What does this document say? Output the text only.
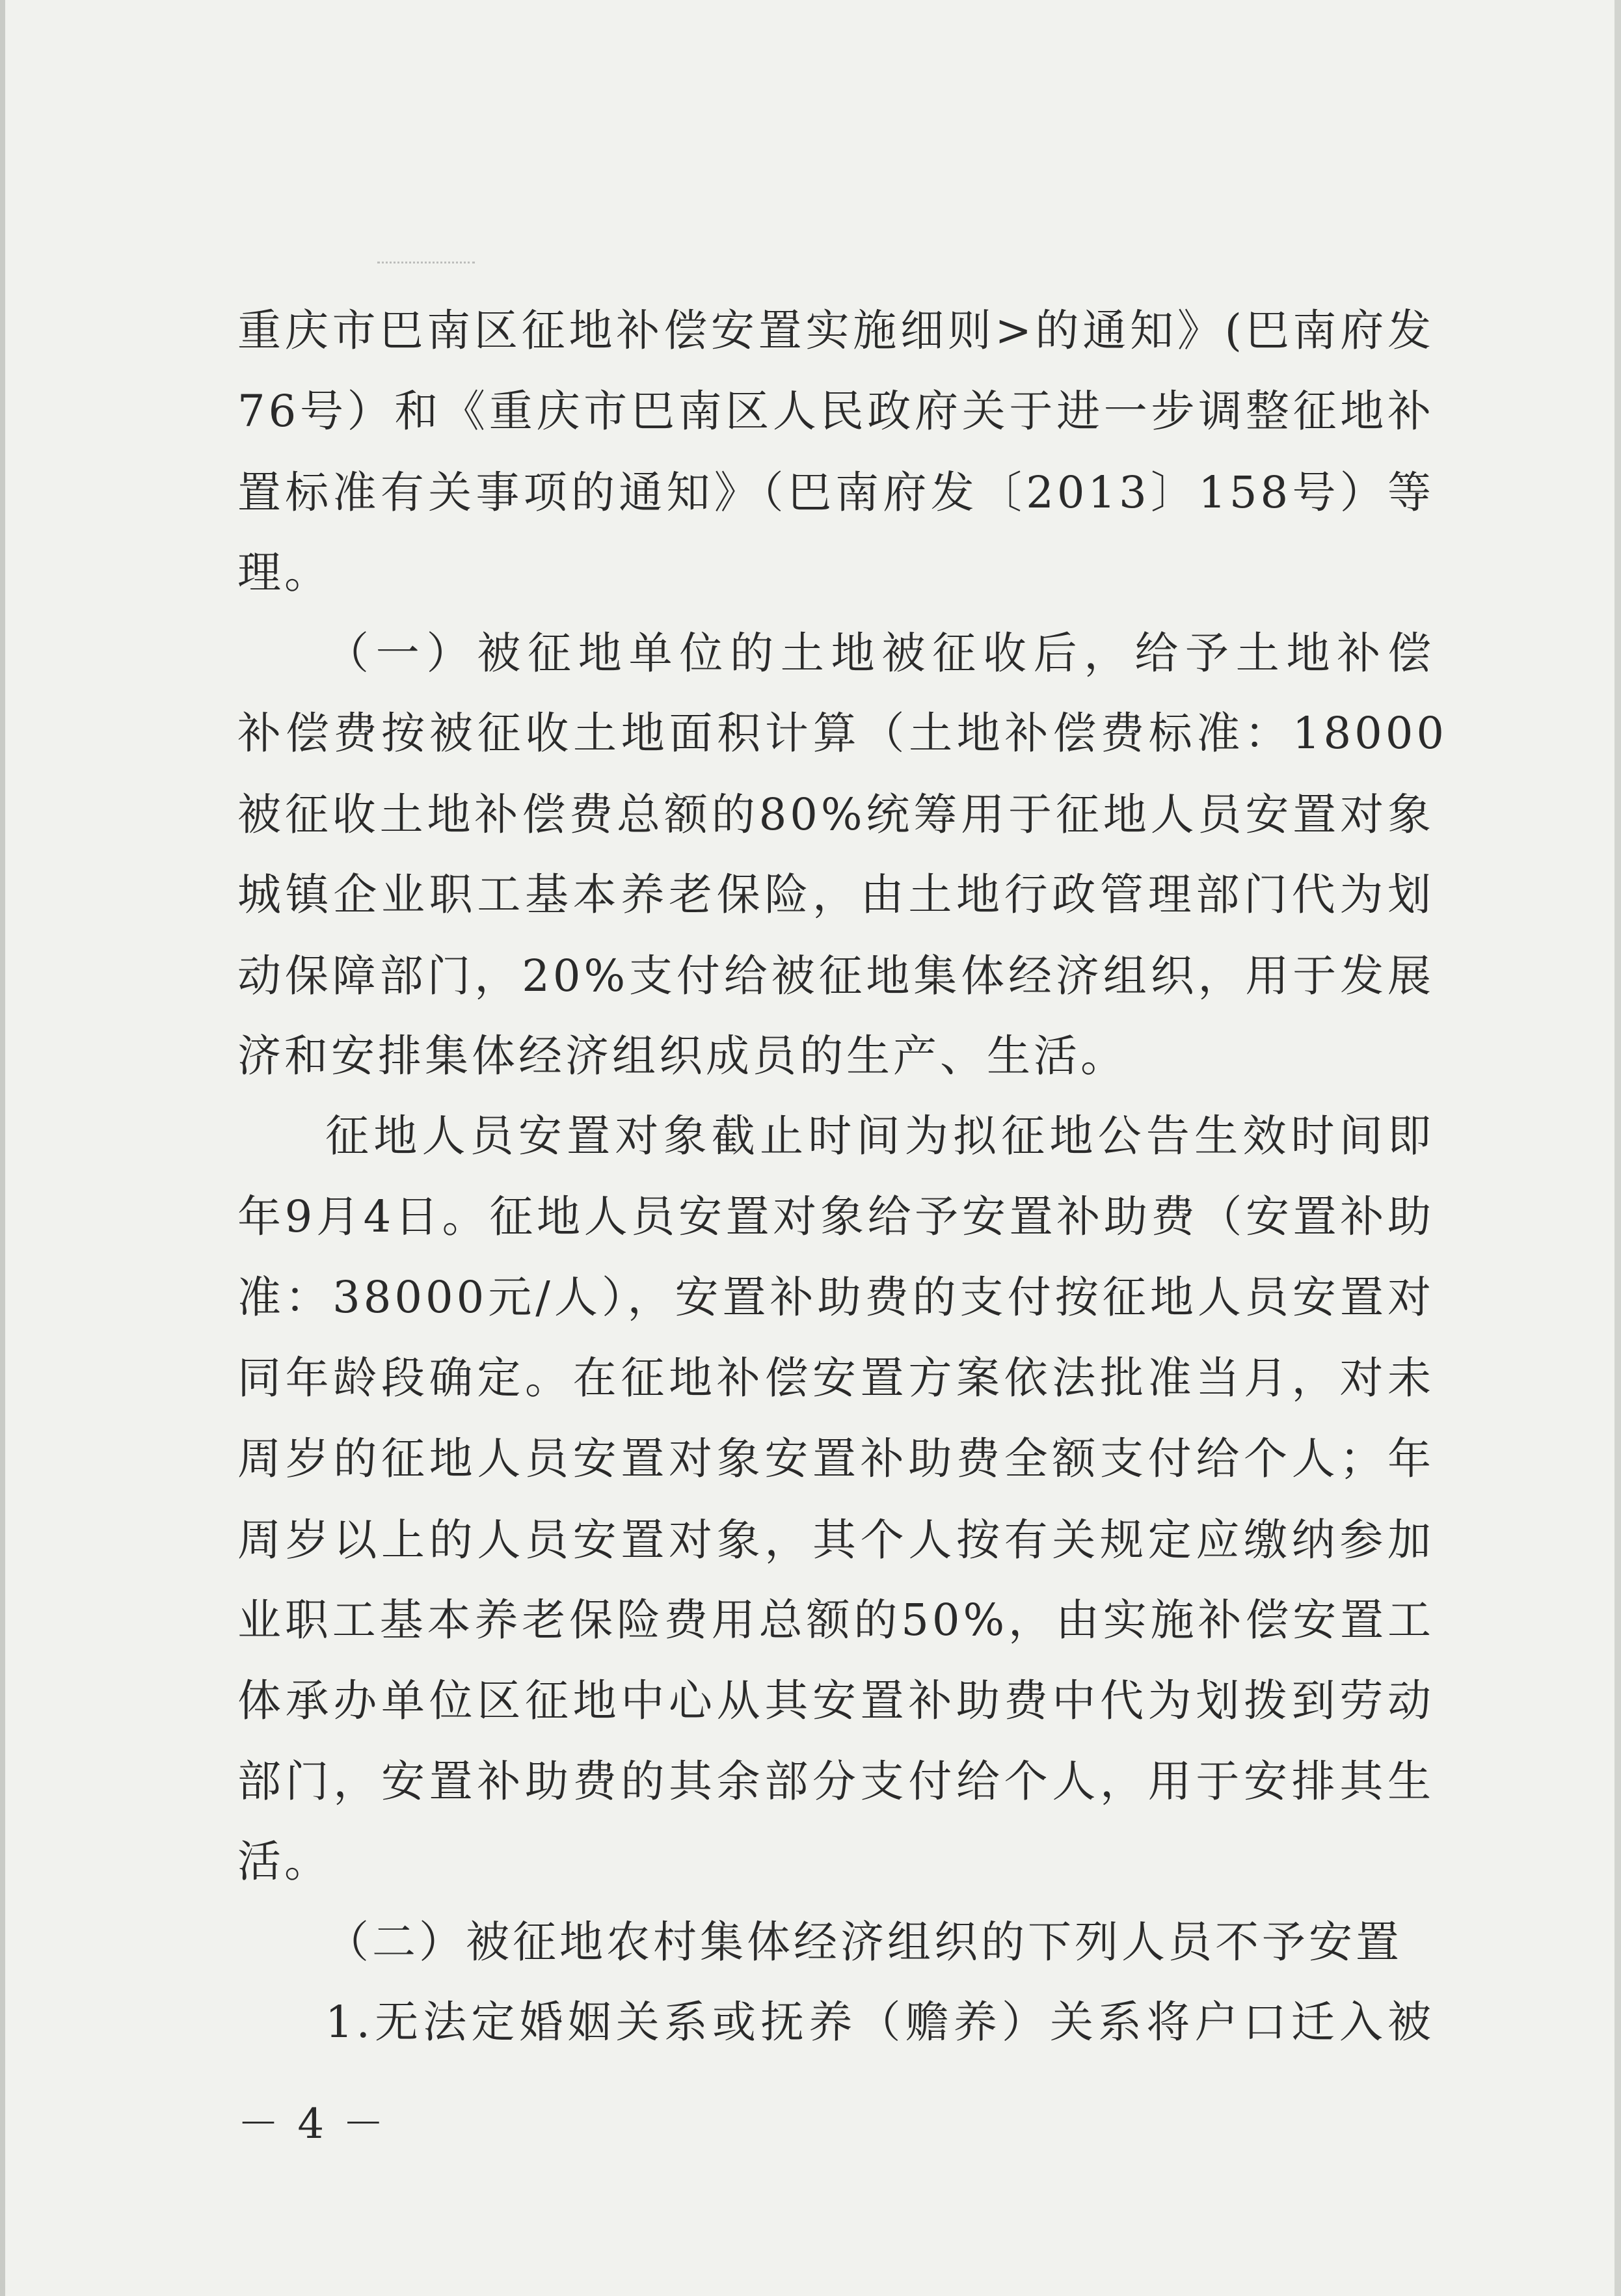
重庆市巴南区征地补偿安置实施细则>的通知》(巴南府发
76号）和《重庆市巴南区人民政府关于进一步调整征地补
置标准有关事项的通知》（巴南府发〔2013〕158号）等
理。
（一）被征地单位的土地被征收后，给予土地补偿
补偿费按被征收土地面积计算（土地补偿费标准：18000
被征收土地补偿费总额的80%统筹用于征地人员安置对象
城镇企业职工基本养老保险，由土地行政管理部门代为划
动保障部门，20%支付给被征地集体经济组织，用于发展
济和安排集体经济组织成员的生产、生活。
征地人员安置对象截止时间为拟征地公告生效时间即
年9月4日。征地人员安置对象给予安置补助费（安置补助
准：38000元/人），安置补助费的支付按征地人员安置对
同年龄段确定。在征地补偿安置方案依法批准当月，对未
周岁的征地人员安置对象安置补助费全额支付给个人；年
周岁以上的人员安置对象，其个人按有关规定应缴纳参加
业职工基本养老保险费用总额的50%，由实施补偿安置工
体承办单位区征地中心从其安置补助费中代为划拨到劳动
部门，安置补助费的其余部分支付给个人，用于安排其生
活。
（二）被征地农村集体经济组织的下列人员不予安置
1.无法定婚姻关系或抚养（赡养）关系将户口迁入被
－ 4 －
